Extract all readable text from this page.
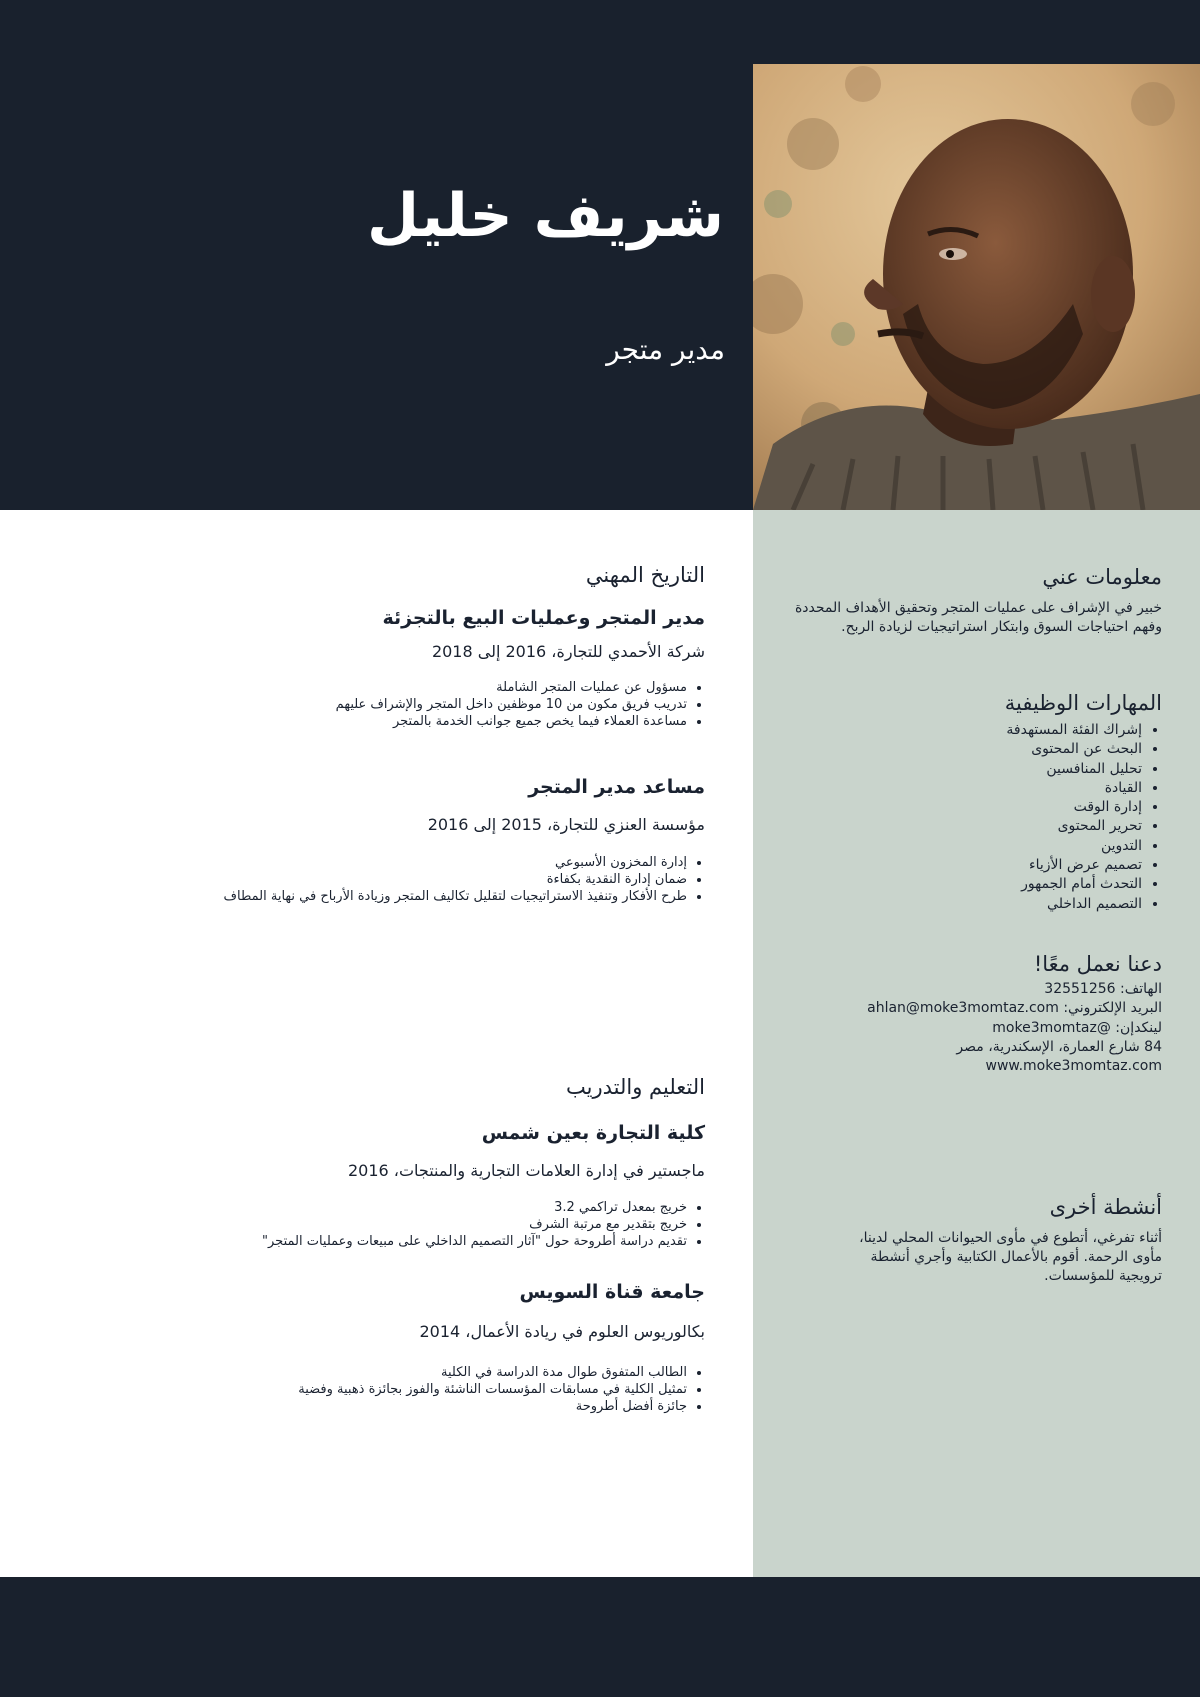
شريف خليل
مدير متجر
معلومات عني

خبير في الإشراف على عمليات المتجر وتحقيق الأهداف المحددة وفهم احتياجات السوق وابتكار استراتيجيات لزيادة الربح.

المهارات الوظيفية
• إشراك الفئة المستهدفة
• البحث عن المحتوى
• تحليل المنافسين
• القيادة
• إدارة الوقت
• تحرير المحتوى
• التدوين
• تصميم عرض الأزياء
• التحدث أمام الجمهور
• التصميم الداخلي
دعنا نعمل معًا!

الهاتف: 32551256

البريد الإلكتروني: ahlan@moke3momtaz.com

لينكدإن: @moke3momtaz

84 شارع العمارة، الإسكندرية، مصر

www.moke3momtaz.com

أنشطة أخرى

أثناء تفرغي، أتطوع في مأوى الحيوانات المحلي لدينا، مأوى الرحمة. أقوم بالأعمال الكتابية وأجري أنشطة ترويجية للمؤسسات.

التاريخ المهني
مدير المتجر وعمليات البيع بالتجزئة

شركة الأحمدي للتجارة، 2016 إلى 2018

• مسؤول عن عمليات المتجر الشاملة
• تدريب فريق مكون من 10 موظفين داخل المتجر والإشراف عليهم
• مساعدة العملاء فيما يخص جميع جوانب الخدمة بالمتجر
مساعد مدير المتجر

مؤسسة العنزي للتجارة، 2015 إلى 2016

• إدارة المخزون الأسبوعي
• ضمان إدارة النقدية بكفاءة
• طرح الأفكار وتنفيذ الاستراتيجيات لتقليل تكاليف المتجر وزيادة الأرباح في نهاية المطاف
التعليم والتدريب
كلية التجارة بعين شمس

ماجستير في إدارة العلامات التجارية والمنتجات، 2016

• خريج بمعدل تراكمي 3.2
• خريج بتقدير مع مرتبة الشرف
• تقديم دراسة أطروحة حول "آثار التصميم الداخلي على مبيعات وعمليات المتجر"
جامعة قناة السويس

بكالوريوس العلوم في ريادة الأعمال، 2014

• الطالب المتفوق طوال مدة الدراسة في الكلية
• تمثيل الكلية في مسابقات المؤسسات الناشئة والفوز بجائزة ذهبية وفضية
• جائزة أفضل أطروحة
